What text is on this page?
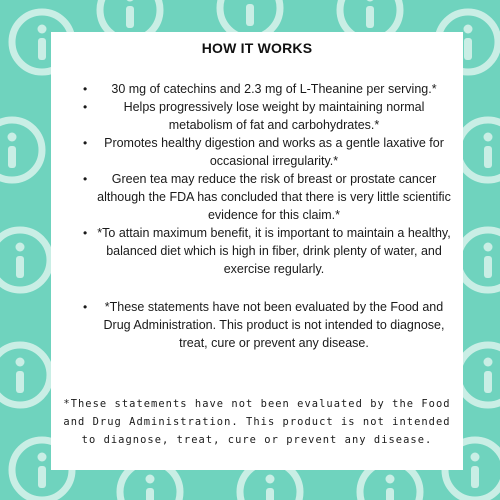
HOW IT WORKS
• 30 mg of catechins and 2.3 mg of L-Theanine per serving.*
•	Helps progressively lose weight by maintaining normal metabolism of fat and carbohydrates.*
• Promotes healthy digestion and works as a gentle laxative for occasional irregularity.*
• Green tea may reduce the risk of breast or prostate cancer although the FDA has concluded that there is very little scientific evidence for this claim.*
• *To attain maximum benefit, it is important to maintain a healthy, balanced diet which is high in fiber, drink plenty of water, and exercise regularly.
• *These statements have not been evaluated by the Food and Drug Administration. This product is not intended to diagnose, treat, cure or prevent any disease.
*These statements have not been evaluated by the Food and Drug Administration. This product is not intended to diagnose, treat, cure or prevent any disease.
